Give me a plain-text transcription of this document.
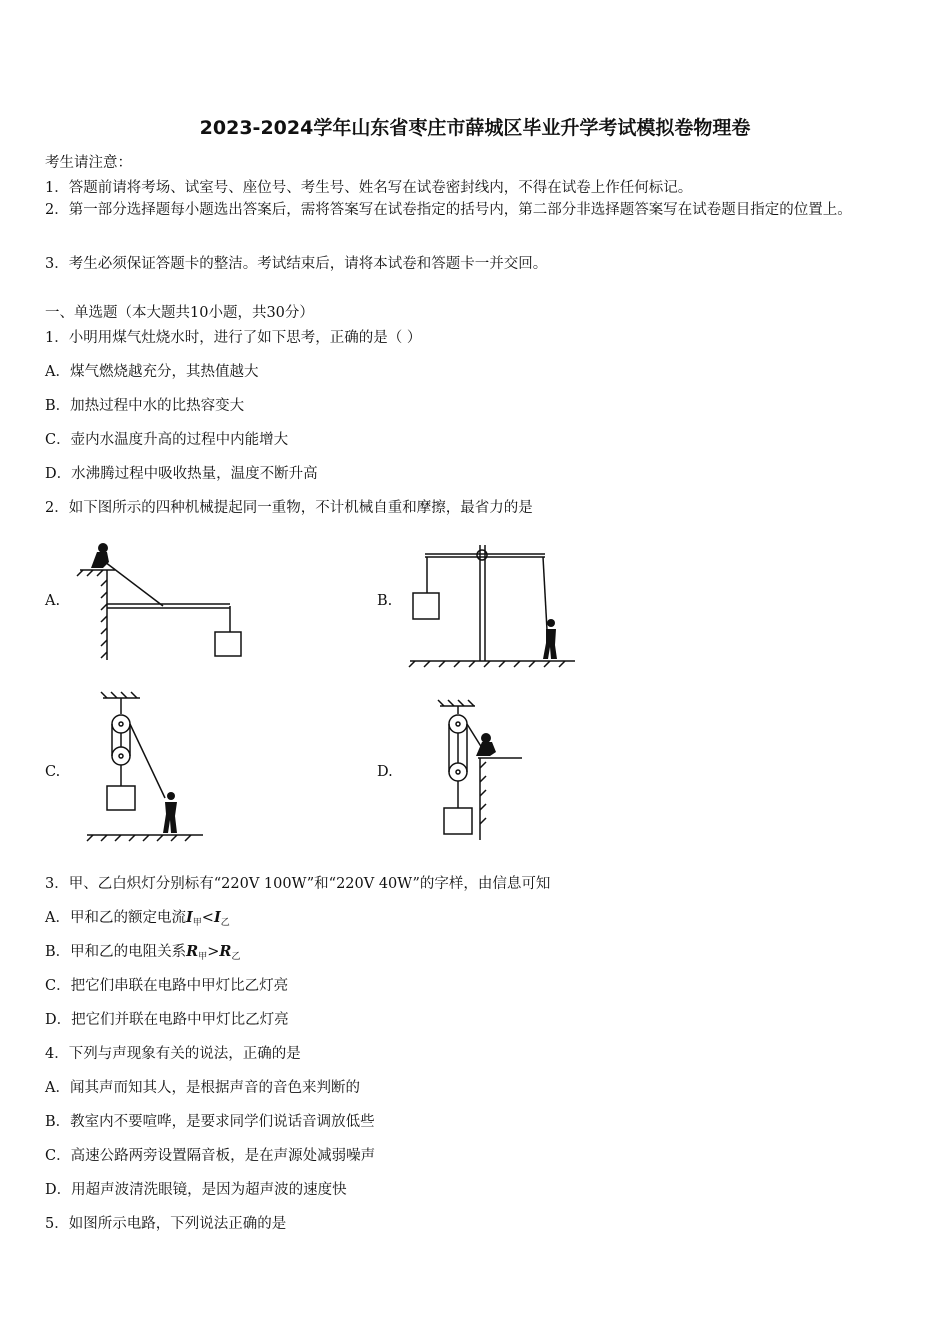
2023-2024学年山东省枣庄市薛城区毕业升学考试模拟卷物理卷
考生请注意：
1．答题前请将考场、试室号、座位号、考生号、姓名写在试卷密封线内，不得在试卷上作任何标记。
2．第一部分选择题每小题选出答案后，需将答案写在试卷指定的括号内，第二部分非选择题答案写在试卷题目指定的位置上。
3．考生必须保证答题卡的整洁。考试结束后，请将本试卷和答题卡一并交回。
一、单选题（本大题共10小题，共30分）
1．小明用煤气灶烧水时，进行了如下思考，正确的是（ ）
A．煤气燃烧越充分，其热值越大
B．加热过程中水的比热容变大
C．壶内水温度升高的过程中内能增大
D．水沸腾过程中吸收热量，温度不断升高
2．如下图所示的四种机械提起同一重物，不计机械自重和摩擦，最省力的是
A.	B.
C.	D.
3．甲、乙白炽灯分别标有“220V 100W”和“220V 40W”的字样，由信息可知
A．甲和乙的额定电流$I_甲<I_乙$
B．甲和乙的电阻关系$R_甲>R_乙$
C．把它们串联在电路中甲灯比乙灯亮
D．把它们并联在电路中甲灯比乙灯亮
4．下列与声现象有关的说法，正确的是
A．闻其声而知其人，是根据声音的音色来判断的
B．教室内不要喧哗，是要求同学们说话音调放低些
C．高速公路两旁设置隔音板，是在声源处减弱噪声
D．用超声波清洗眼镜，是因为超声波的速度快
5．如图所示电路，下列说法正确的是
